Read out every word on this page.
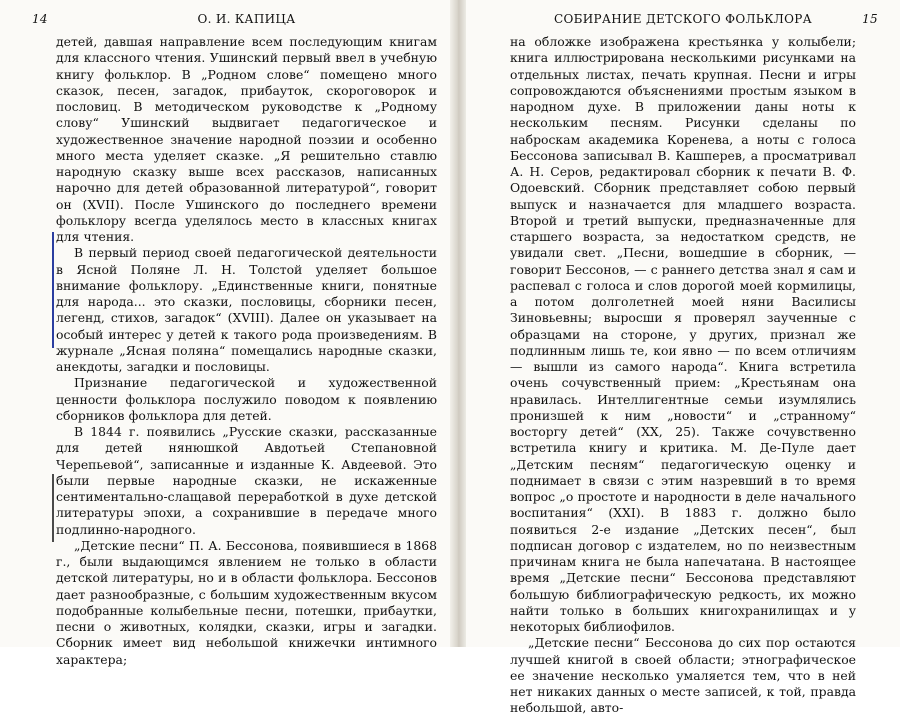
14	О. И. КАПИЦА

детей, давшая направление всем последующим книгам для классного чтения. Ушинский первый ввел в учебную книгу фольклор. В „Родном слове“ помещено много сказок, песен, загадок, прибауток, скороговорок и пословиц. В методическом руководстве к „Родному слову“ Ушинский выдвигает педагогическое и художественное значение народной поэзии и особенно много места уделяет сказке. „Я решительно ставлю народную сказку выше всех рассказов, написанных нарочно для детей образованной литературой“, говорит он (XVII). После Ушинского до последнего времени фольклору всегда уделялось место в классных книгах для чтения.

В первый период своей педагогической деятельности в Ясной Поляне Л. Н. Толстой уделяет большое внимание фольклору. „Единственные книги, понятные для народа... это сказки, пословицы, сборники песен, легенд, стихов, загадок“ (XVIII). Далее он указывает на особый интерес у детей к такого рода произведениям. В журнале „Ясная поляна“ помещались народные сказки, анекдоты, загадки и пословицы.

Признание педагогической и художественной ценности фольклора послужило поводом к появлению сборников фольклора для детей.

В 1844 г. появились „Русские сказки, рассказанные для детей нянюшкой Авдотьей Степановной Черепьевой“, записанные и изданные К. Авдеевой. Это были первые народные сказки, не искаженные сентиментально-слащавой переработкой в духе детской литературы эпохи, а сохранившие в передаче много подлинно-народного.

„Детские песни“ П. А. Бессонова, появившиеся в 1868 г., были выдающимся явлением не только в области детской литературы, но и в области фольклора. Бессонов дает разнообразные, с большим художественным вкусом подобранные колыбельные песни, потешки, прибаутки, песни о животных, колядки, сказки, игры и загадки. Сборник имеет вид небольшой книжечки интимного характера;

СОБИРАНИЕ ДЕТСКОГО ФОЛЬКЛОРА	15

на обложке изображена крестьянка у колыбели; книга иллюстрирована несколькими рисунками на отдельных листах, печать крупная. Песни и игры сопровождаются объяснениями простым языком в народном духе. В приложении даны ноты к нескольким песням. Рисунки сделаны по наброскам академика Коренева, а ноты с голоса Бессонова записывал В. Кашперев, а просматривал А. Н. Серов, редактировал сборник к печати В. Ф. Одоевский. Сборник представляет собою первый выпуск и назначается для младшего возраста. Второй и третий выпуски, предназначенные для старшего возраста, за недостатком средств, не увидали свет. „Песни, вошедшие в сборник, — говорит Бессонов, — с раннего детства знал я сам и распевал с голоса и слов дорогой моей кормилицы, а потом долголетней моей няни Василисы Зиновьевны; выросши я проверял заученные с образцами на стороне, у других, признал же подлинным лишь те, кои явно — по всем отличиям — вышли из самого народа“. Книга встретила очень сочувственный прием: „Крестьянам она нравилась. Интеллигентные семьи изумлялись пронизшей к ним „новости“ и „странному“ восторгу детей“ (XX, 25). Также сочувственно встретила книгу и критика. М. Де-Пуле дает „Детским песням“ педагогическую оценку и поднимает в связи с этим назревший в то время вопрос „о простоте и народности в деле начального воспитания“ (XXI). В 1883 г. должно было появиться 2-е издание „Детских песен“, был подписан договор с издателем, но по неизвестным причинам книга не была напечатана. В настоящее время „Детские песни“ Бессонова представляют большую библиографическую редкость, их можно найти только в больших книгохранилищах и у некоторых библиофилов.

„Детские песни“ Бессонова до сих пор остаются лучшей книгой в своей области; этнографическое ее значение несколько умаляется тем, что в ней нет никаких данных о месте записей, к той, правда небольшой, авто-
